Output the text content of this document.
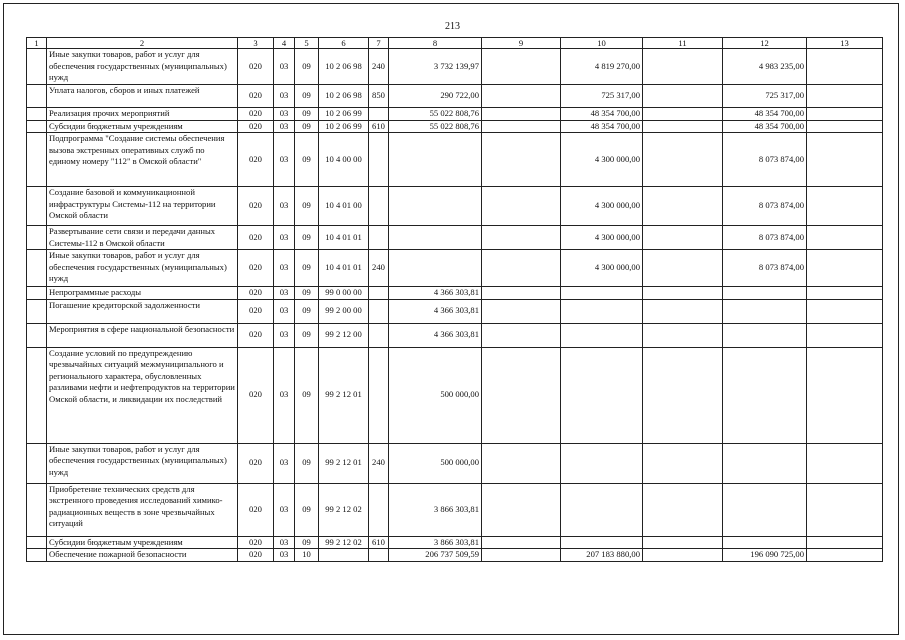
213
1	2	3	4	5	6	7	8	9	10	11	12	13
	Иные закупки товаров, работ и услуг для обеспечения государственных (муниципальных) нужд	020	03	09	10 2 06 98	240	3 732 139,97		4 819 270,00		4 983 235,00	
	Уплата налогов, сборов и иных платежей	020	03	09	10 2 06 98	850	290 722,00		725 317,00		725 317,00	
	Реализация прочих мероприятий	020	03	09	10 2 06 99		55 022 808,76		48 354 700,00		48 354 700,00	
	Субсидии бюджетным учреждениям	020	03	09	10 2 06 99	610	55 022 808,76		48 354 700,00		48 354 700,00	
	Подпрограмма "Создание системы обеспечения вызова экстренных оперативных служб по единому номеру "112" в Омской области"	020	03	09	10 4 00 00				4 300 000,00		8 073 874,00	
	Создание базовой и коммуникационной инфраструктуры Системы-112 на территории Омской области	020	03	09	10 4 01 00				4 300 000,00		8 073 874,00	
	Развертывание сети связи и передачи данных Системы-112 в Омской области	020	03	09	10 4 01 01				4 300 000,00		8 073 874,00	
	Иные закупки товаров, работ и услуг для обеспечения государственных (муниципальных) нужд	020	03	09	10 4 01 01	240			4 300 000,00		8 073 874,00	
	Непрограммные расходы	020	03	09	99 0 00 00		4 366 303,81					
	Погашение кредиторской задолженности	020	03	09	99 2 00 00		4 366 303,81					
	Мероприятия в сфере национальной безопасности	020	03	09	99 2 12 00		4 366 303,81					
	Создание условий по предупреждению чрезвычайных ситуаций межмуниципального и регионального характера, обусловленных разливами нефти и нефтепродуктов на территории Омской области, и ликвидации их последствий	020	03	09	99 2 12 01		500 000,00					
	Иные закупки товаров, работ и услуг для обеспечения государственных (муниципальных) нужд	020	03	09	99 2 12 01	240	500 000,00					
	Приобретение технических средств для экстренного проведения исследований химико-радиационных веществ в зоне чрезвычайных ситуаций	020	03	09	99 2 12 02		3 866 303,81					
	Субсидии бюджетным учреждениям	020	03	09	99 2 12 02	610	3 866 303,81					
	Обеспечение пожарной безопасности	020	03	10			206 737 509,59		207 183 880,00		196 090 725,00	
